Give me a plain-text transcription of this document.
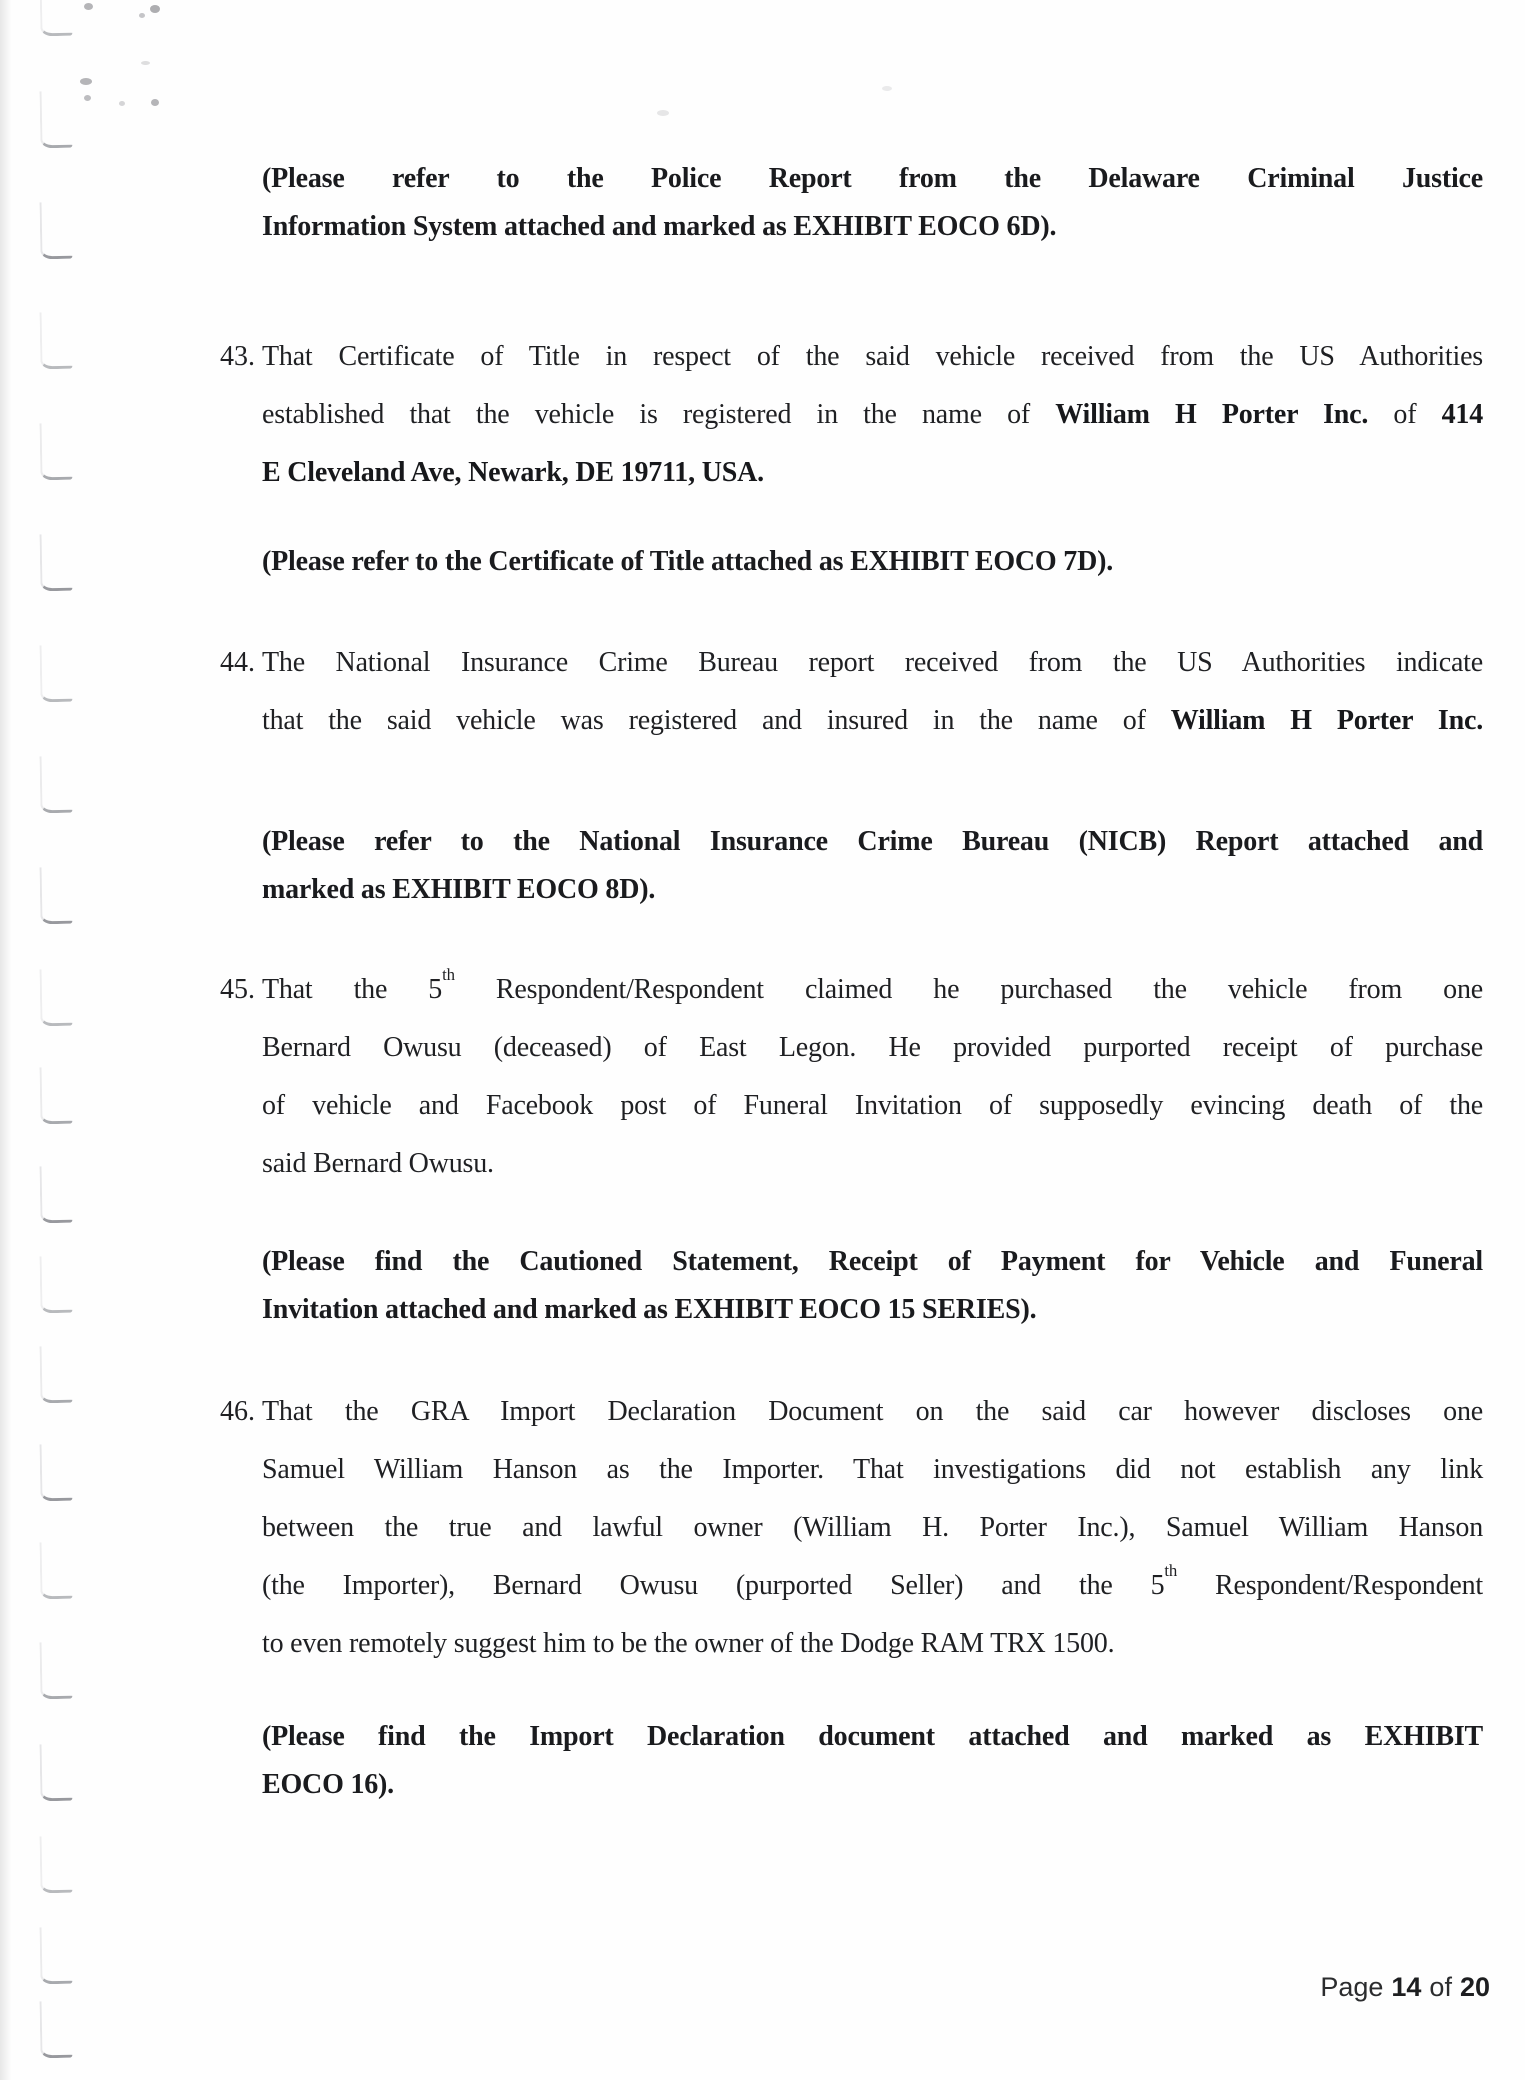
(Please refer to the Police Report from the Delaware Criminal Justice
Information System attached and marked as EXHIBIT EOCO 6D).
43. That Certificate of Title in respect of the said vehicle received from the US Authorities
established that the vehicle is registered in the name of William H Porter Inc. of 414
E Cleveland Ave, Newark, DE 19711, USA.
(Please refer to the Certificate of Title attached as EXHIBIT EOCO 7D).
44. The National Insurance Crime Bureau report received from the US Authorities indicate
that the said vehicle was registered and insured in the name of William H Porter Inc.
(Please refer to the National Insurance Crime Bureau (NICB) Report attached and
marked as EXHIBIT EOCO 8D).
45. That the 5th Respondent/Respondent claimed he purchased the vehicle from one
Bernard Owusu (deceased) of East Legon. He provided purported receipt of purchase
of vehicle and Facebook post of Funeral Invitation of supposedly evincing death of the
said Bernard Owusu.
(Please find the Cautioned Statement, Receipt of Payment for Vehicle and Funeral
Invitation attached and marked as EXHIBIT EOCO 15 SERIES).
46. That the GRA Import Declaration Document on the said car however discloses one
Samuel William Hanson as the Importer. That investigations did not establish any link
between the true and lawful owner (William H. Porter Inc.), Samuel William Hanson
(the Importer), Bernard Owusu (purported Seller) and the 5th Respondent/Respondent
to even remotely suggest him to be the owner of the Dodge RAM TRX 1500.
(Please find the Import Declaration document attached and marked as EXHIBIT
EOCO 16).
Page 14 of 20
